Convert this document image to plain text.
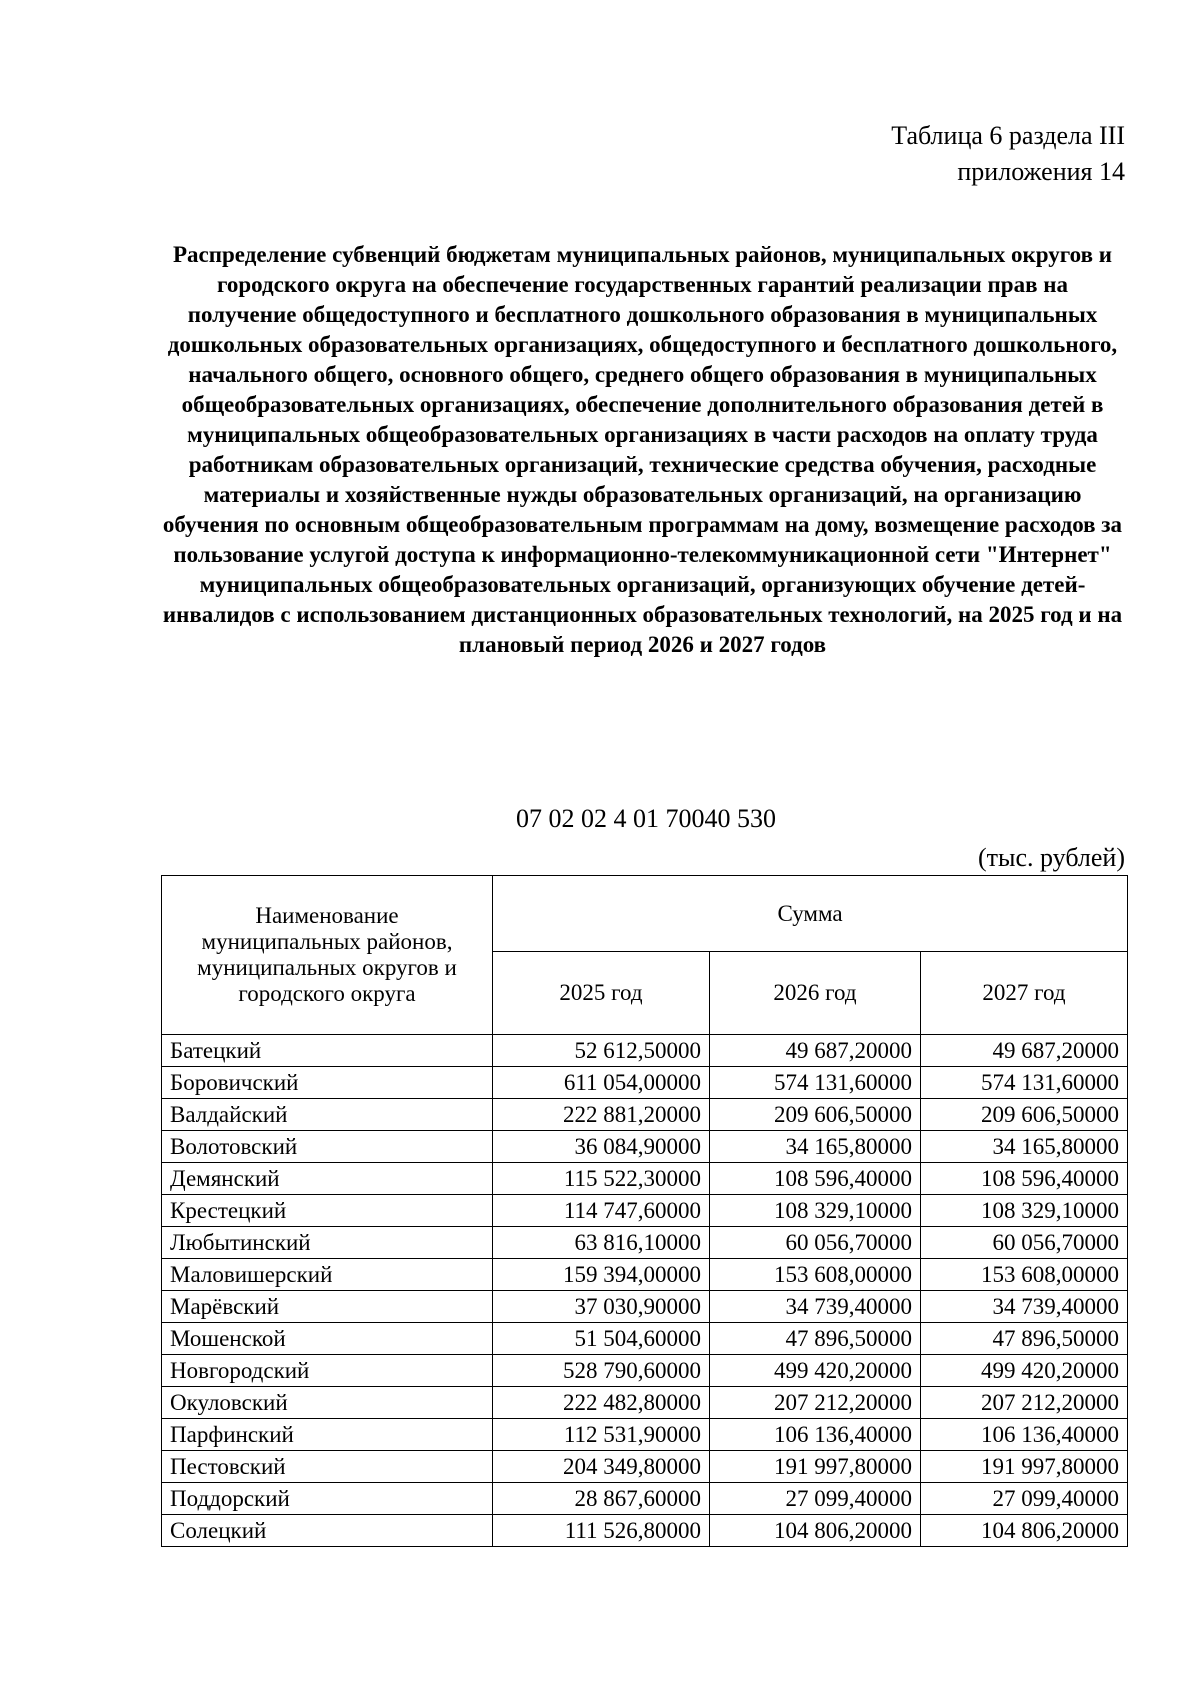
Таблица 6 раздела III
приложения 14
Распределение субвенций бюджетам муниципальных районов, муниципальных округов и городского округа на обеспечение государственных гарантий реализации прав на получение общедоступного и бесплатного дошкольного образования в муниципальных дошкольных образовательных организациях, общедоступного и бесплатного дошкольного, начального общего, основного общего, среднего общего образования в муниципальных общеобразовательных организациях, обеспечение дополнительного образования детей в муниципальных общеобразовательных организациях в части расходов на оплату труда работникам образовательных организаций, технические средства обучения, расходные материалы и хозяйственные нужды образовательных организаций, на организацию обучения по основным общеобразовательным программам на дому, возмещение расходов за пользование услугой доступа к информационно-телекоммуникационной сети "Интернет" муниципальных общеобразовательных организаций, организующих обучение детей-инвалидов с использованием дистанционных образовательных технологий, на 2025 год и на плановый период 2026 и 2027 годов
07 02 02 4 01 70040 530
(тыс. рублей)
Наименование муниципальных районов, муниципальных округов и городского округа	Сумма		
	2025 год	2026 год	2027 год
Батецкий	52 612,50000	49 687,20000	49 687,20000
Боровичский	611 054,00000	574 131,60000	574 131,60000
Валдайский	222 881,20000	209 606,50000	209 606,50000
Волотовский	36 084,90000	34 165,80000	34 165,80000
Демянский	115 522,30000	108 596,40000	108 596,40000
Крестецкий	114 747,60000	108 329,10000	108 329,10000
Любытинский	63 816,10000	60 056,70000	60 056,70000
Маловишерский	159 394,00000	153 608,00000	153 608,00000
Марёвский	37 030,90000	34 739,40000	34 739,40000
Мошенской	51 504,60000	47 896,50000	47 896,50000
Новгородский	528 790,60000	499 420,20000	499 420,20000
Окуловский	222 482,80000	207 212,20000	207 212,20000
Парфинский	112 531,90000	106 136,40000	106 136,40000
Пестовский	204 349,80000	191 997,80000	191 997,80000
Поддорский	28 867,60000	27 099,40000	27 099,40000
Солецкий	111 526,80000	104 806,20000	104 806,20000
